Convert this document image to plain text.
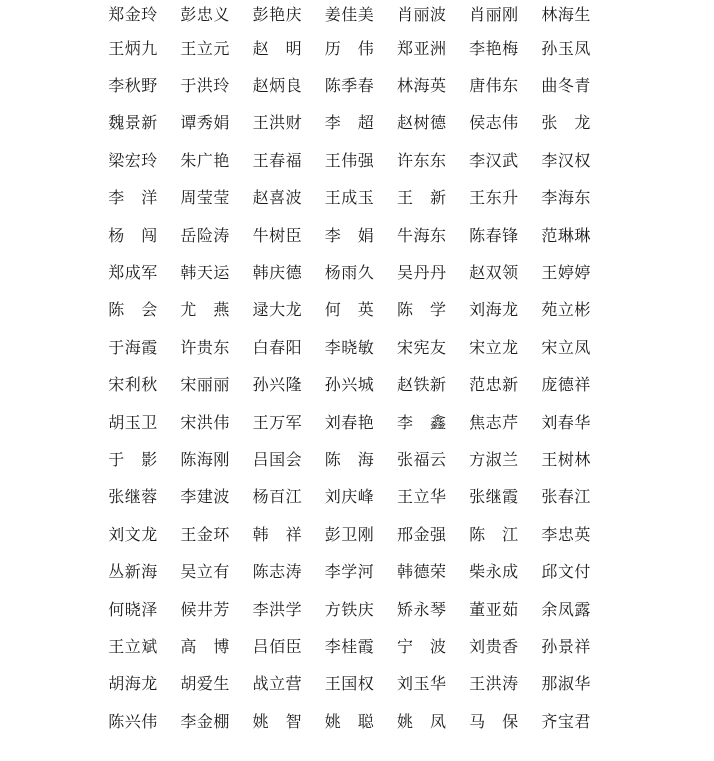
郑金玲	彭忠义	彭艳庆	姜佳美	肖丽波	肖丽刚	林海生
王炳九	王立元	赵　 明	历　 伟	郑亚洲	李艳梅	孙玉凤
李秋野	于洪玲	赵炳良	陈季春	林海英	唐伟东	曲冬青
魏景新	谭秀娟	王洪财	李　 超	赵树德	侯志伟	张　 龙
梁宏玲	朱广艳	王春福	王伟强	许东东	李汉武	李汉权
李　 洋	周莹莹	赵喜波	王成玉	王　 新	王东升	李海东
杨　 闯	岳险涛	牛树臣	李　 娟	牛海东	陈春锋	范琳琳
郑成军	韩天运	韩庆德	杨雨久	吴丹丹	赵双领	王婷婷
陈　 会	尤　 燕	逯大龙	何　 英	陈　 学	刘海龙	苑立彬
于海霞	许贵东	白春阳	李晓敏	宋宪友	宋立龙	宋立凤
宋利秋	宋丽丽	孙兴隆	孙兴城	赵铁新	范忠新	庞德祥
胡玉卫	宋洪伟	王万军	刘春艳	李　 鑫	焦志芹	刘春华
于　 影	陈海刚	吕国会	陈　 海	张福云	方淑兰	王树林
张继蓉	李建波	杨百江	刘庆峰	王立华	张继霞	张春江
刘文龙	王金环	韩　 祥	彭卫刚	邢金强	陈　 江	李忠英
丛新海	吴立有	陈志涛	李学河	韩德荣	柴永成	邱文付
何晓泽	候井芳	李洪学	方铁庆	矫永琴	董亚茹	余凤露
王立斌	高　 博	吕佰臣	李桂霞	宁　 波	刘贵香	孙景祥
胡海龙	胡爱生	战立营	王国权	刘玉华	王洪涛	那淑华
陈兴伟	李金棚	姚　 智	姚　 聪	姚　 凤	马　 保	齐宝君
